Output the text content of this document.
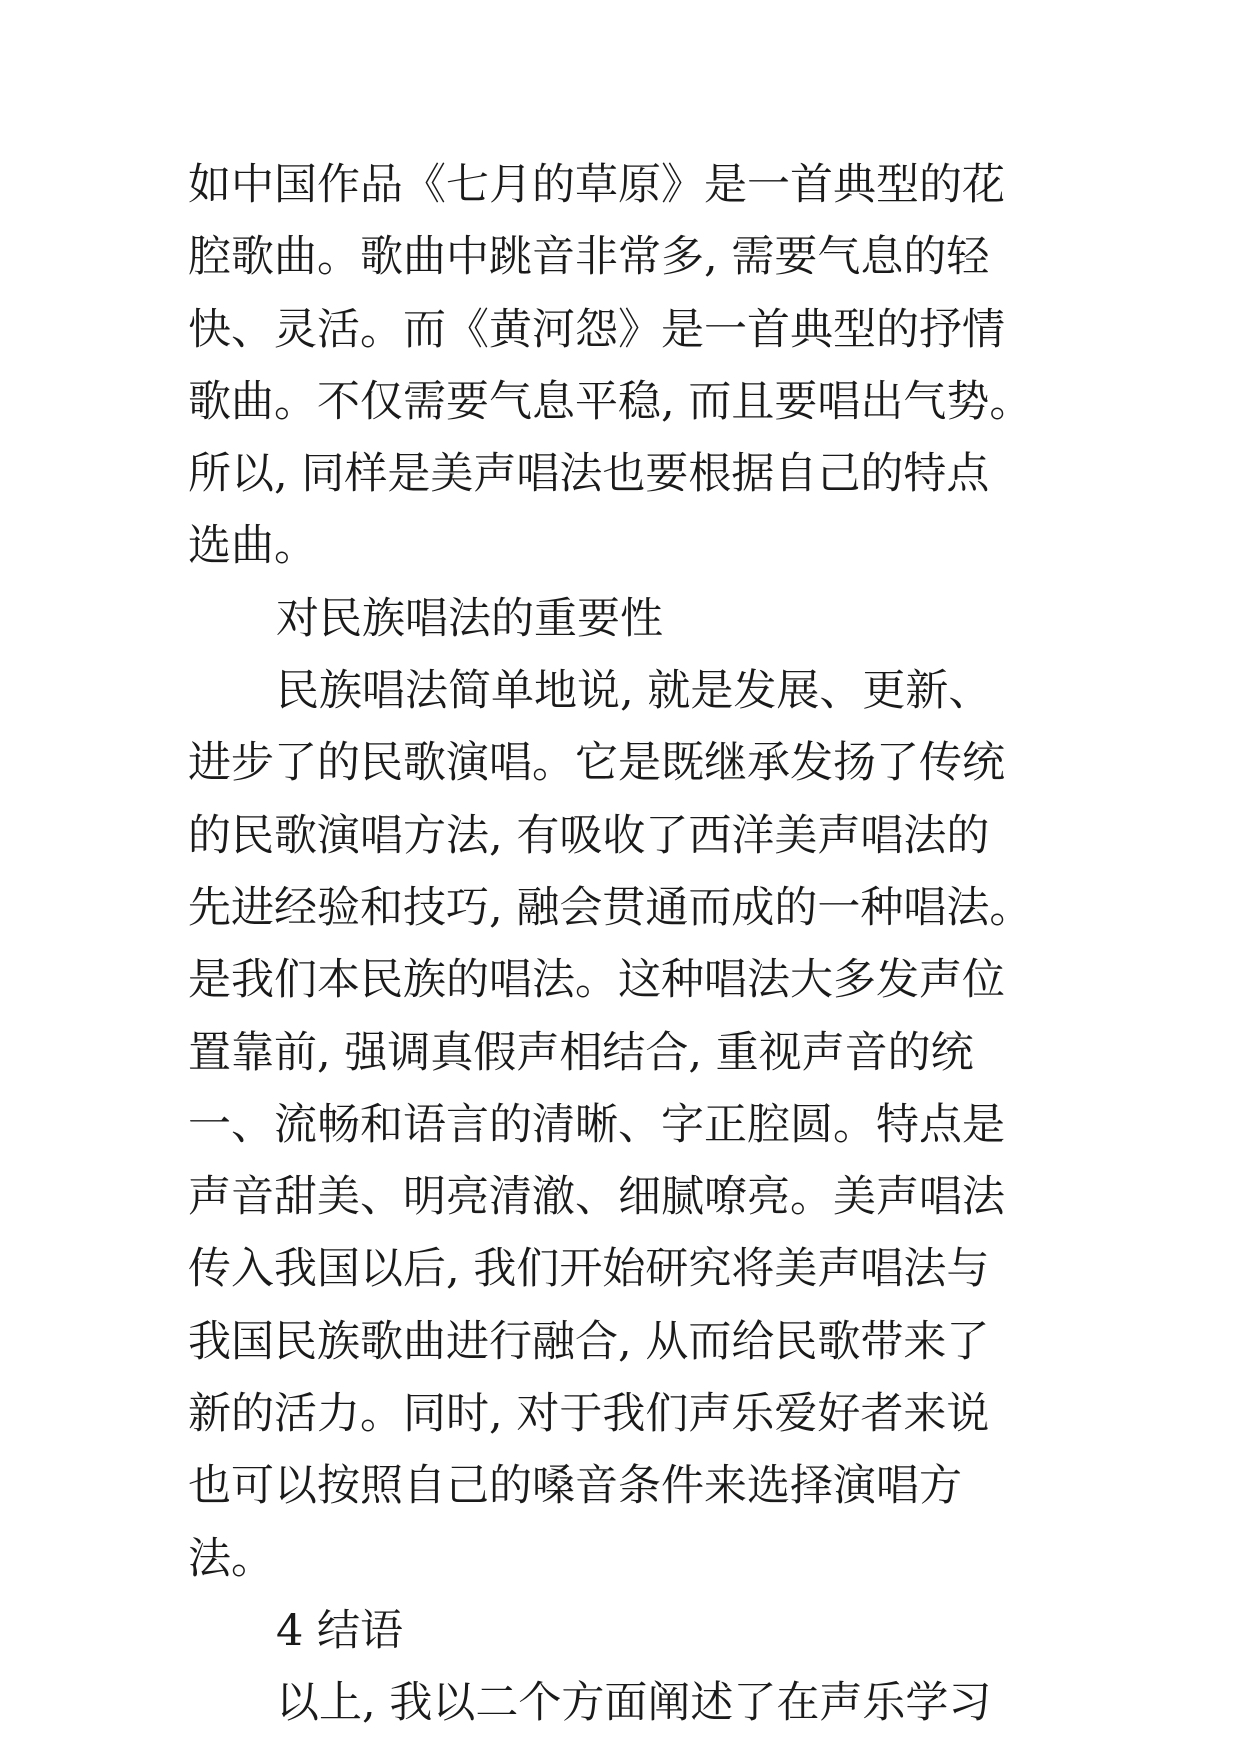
如中国作品《七月的草原》是一首典型的花
腔歌曲。歌曲中跳音非常多, 需要气息的轻
快、灵活。而《黄河怨》是一首典型的抒情
歌曲。不仅需要气息平稳, 而且要唱出气势。
所以, 同样是美声唱法也要根据自己的特点
选曲。
对民族唱法的重要性
民族唱法简单地说, 就是发展、更新、
进步了的民歌演唱。它是既继承发扬了传统
的民歌演唱方法, 有吸收了西洋美声唱法的
先进经验和技巧, 融会贯通而成的一种唱法。
是我们本民族的唱法。这种唱法大多发声位
置靠前, 强调真假声相结合, 重视声音的统
一、流畅和语言的清晰、字正腔圆。特点是
声音甜美、明亮清澈、细腻嘹亮。美声唱法
传入我国以后, 我们开始研究将美声唱法与
我国民族歌曲进行融合, 从而给民歌带来了
新的活力。同时, 对于我们声乐爱好者来说
也可以按照自己的嗓音条件来选择演唱方
法。
4 结语
以上, 我以二个方面阐述了在声乐学习
